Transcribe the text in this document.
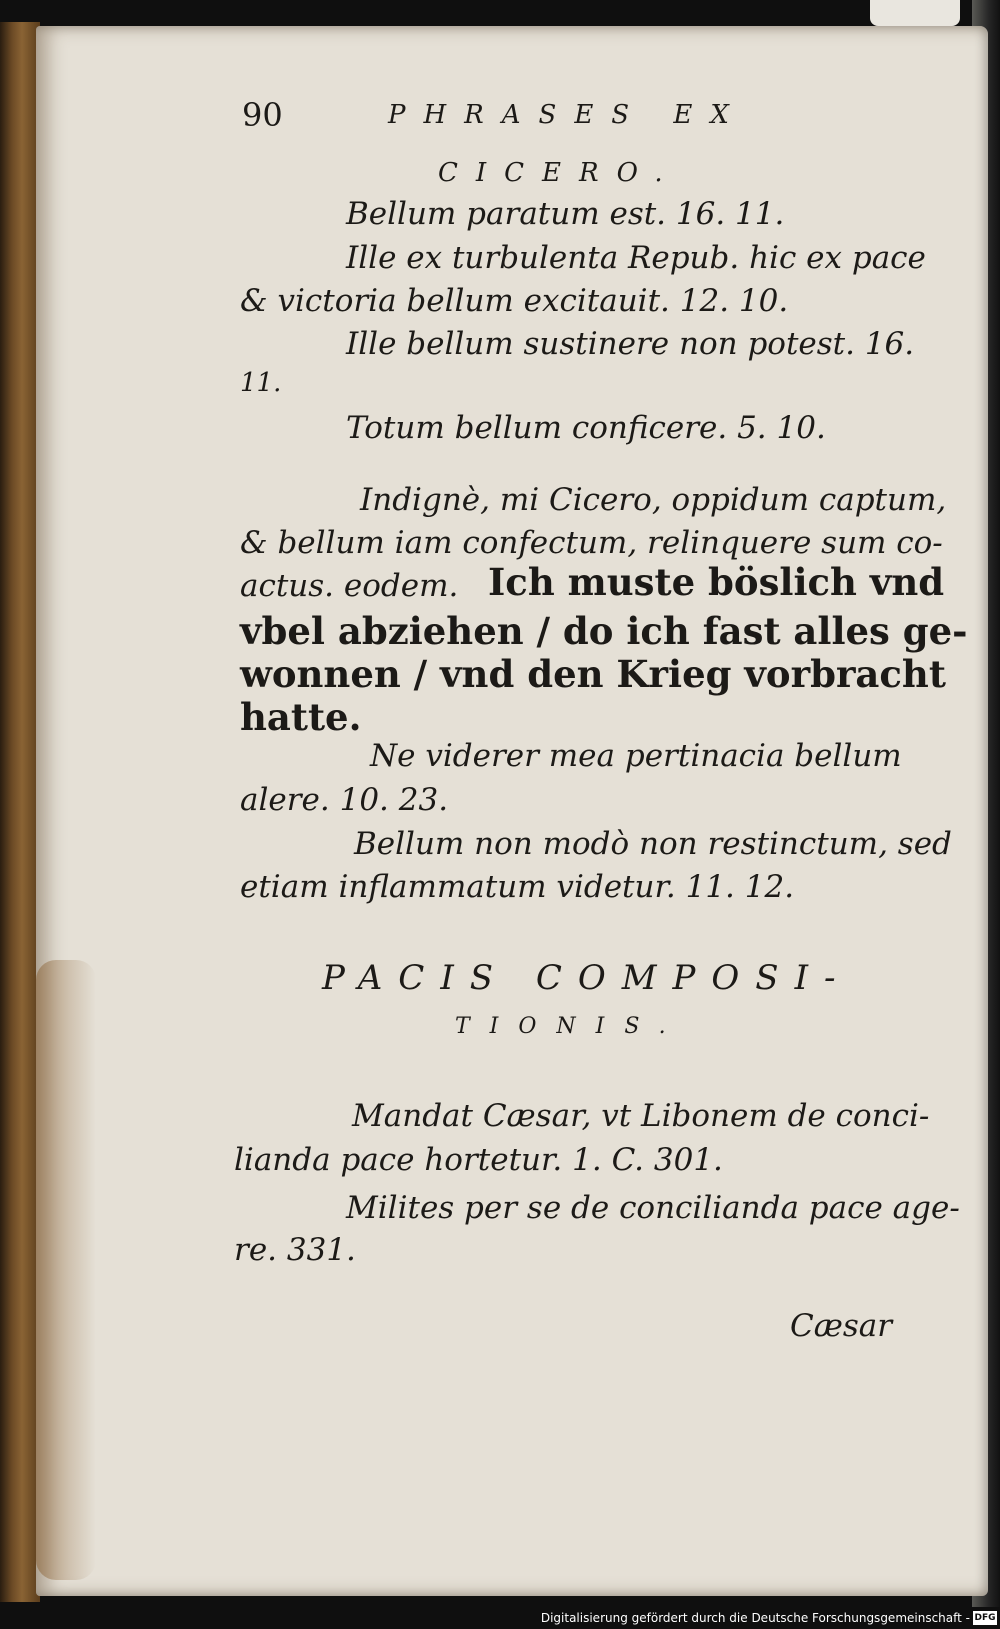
90	PHRASES EX
CICERO.
Bellum paratum est. 16. 11.
Ille ex turbulenta Repub. hic ex pace
& victoria bellum excitauit. 12. 10.
Ille bellum sustinere non potest. 16.
11.
Totum bellum conficere. 5. 10.
Indignè, mi Cicero, oppidum captum,
& bellum iam confectum, relinquere sum co-
actus. eodem. Ich muste böslich vnd
vbel abziehen / do ich fast alles ge-
wonnen / vnd den Krieg vorbracht
hatte.
Ne viderer mea pertinacia bellum
alere. 10. 23.
Bellum non modò non restinctum, sed
etiam inflammatum videtur. 11. 12.
PACIS COMPOSI-
TIONIS.
Mandat Cæsar, vt Libonem de conci-
lianda pace hortetur. 1. C. 301.
Milites per se de concilianda pace age-
re. 331.
Cæsar
Digitalisierung gefördert durch die Deutsche Forschungsgemeinschaft - DFG
